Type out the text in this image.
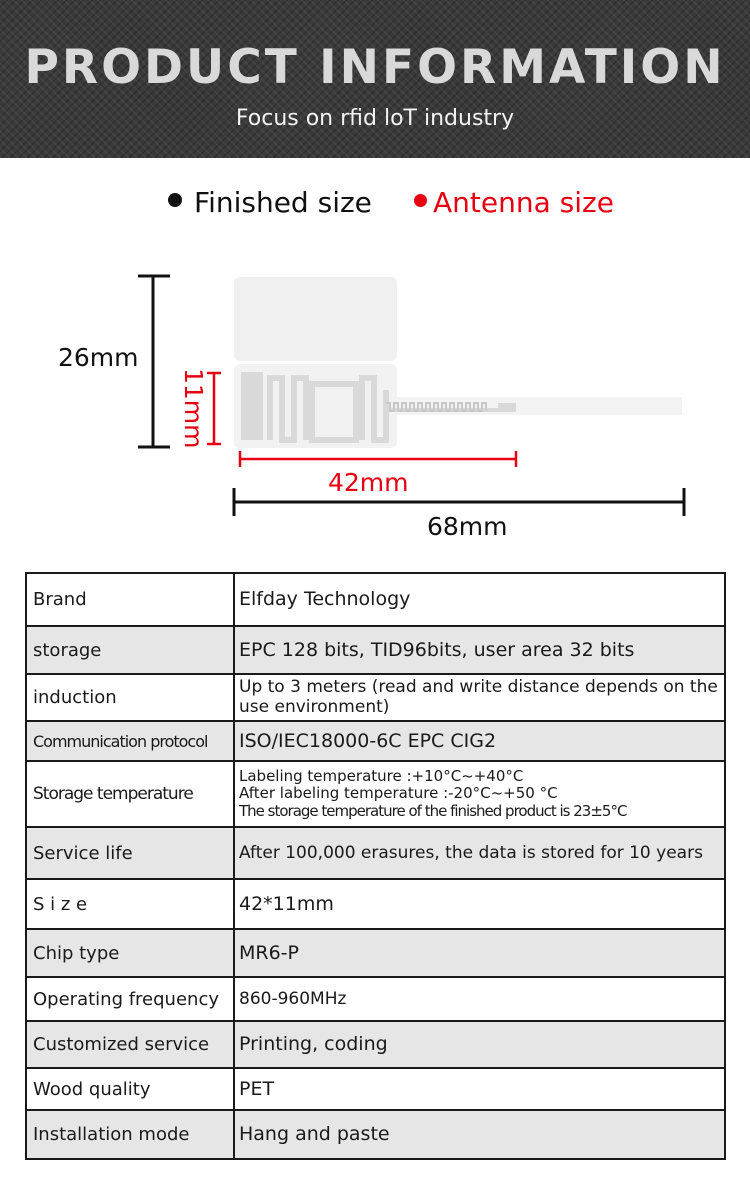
PRODUCT INFORMATION
Focus on rfid loT industry
Finished size	Antenna size
26mm
11mm
42mm
68mm
Brand	Elfday Technology
storage	EPC 128 bits, TID96bits, user area 32 bits
induction	Up to 3 meters (read and write distance depends on the use environment)
Communication protocol	ISO/IEC18000-6C EPC CIG2
Storage temperature	Labeling temperature :+10°C~+40°C
After labeling temperature :-20°C~+50 °C
The storage temperature of the finished product is 23±5°C

Service life	After 100,000 erasures, the data is stored for 10 years
S i z e	42*11mm
Chip type	MR6-P
Operating frequency	860-960MHz
Customized service	Printing, coding
Wood quality	PET
Installation mode	Hang and paste
